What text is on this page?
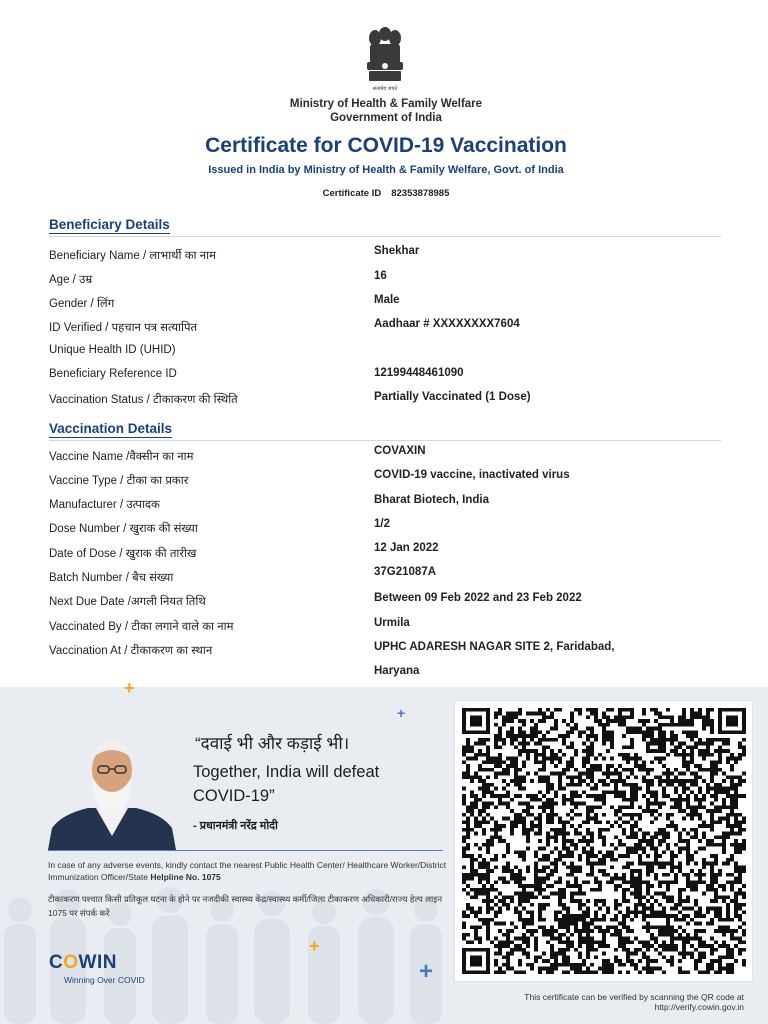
सत्यमेव जयते
Ministry of Health & Family Welfare
Government of India
Certificate for COVID-19 Vaccination
Issued in India by Ministry of Health & Family Welfare, Govt. of India
Certificate ID 82353878985
Beneficiary Details
Beneficiary Name / लाभार्थी का नाम	Shekhar
Age / उम्र	16
Gender / लिंग	Male
ID Verified / पहचान पत्र सत्यापित	Aadhaar # XXXXXXXX7604
Unique Health ID (UHID)
Beneficiary Reference ID	12199448461090
Vaccination Status / टीकाकरण की स्थिति	Partially Vaccinated (1 Dose)
Vaccination Details
Vaccine Name /वैक्सीन का नाम	COVAXIN
Vaccine Type / टीका का प्रकार	COVID-19 vaccine, inactivated virus
Manufacturer / उत्पादक	Bharat Biotech, India
Dose Number / खुराक की संख्या	1/2
Date of Dose / खुराक की तारीख	12 Jan 2022
Batch Number / बैच संख्या	37G21087A
Next Due Date /अगली नियत तिथि	Between 09 Feb 2022 and 23 Feb 2022
Vaccinated By / टीका लगाने वाले का नाम	Urmila
Vaccination At / टीकाकरण का स्थान	UPHC ADARESH NAGAR SITE 2, Faridabad,
Haryana
+
+
+
+
“दवाई भी और कड़ाई भी।
Together, India will defeat COVID-19”
- प्रधानमंत्री नरेंद्र मोदी
In case of any adverse events, kindly contact the nearest Public Health Center/ Healthcare Worker/District Immunization Officer/State Helpline No. 1075
टीकाकरण पश्चात किसी प्रतिकूल घटना के होने पर नजदीकी स्वास्थ्य केंद्र/स्वास्थ्य कर्मी/जिला टीकाकरण अधिकारी/राज्य हेल्प लाइन 1075 पर संपर्क करें
COWIN
Winning Over COVID
This certificate can be verified by scanning the QR code at
http://verify.cowin.gov.in
